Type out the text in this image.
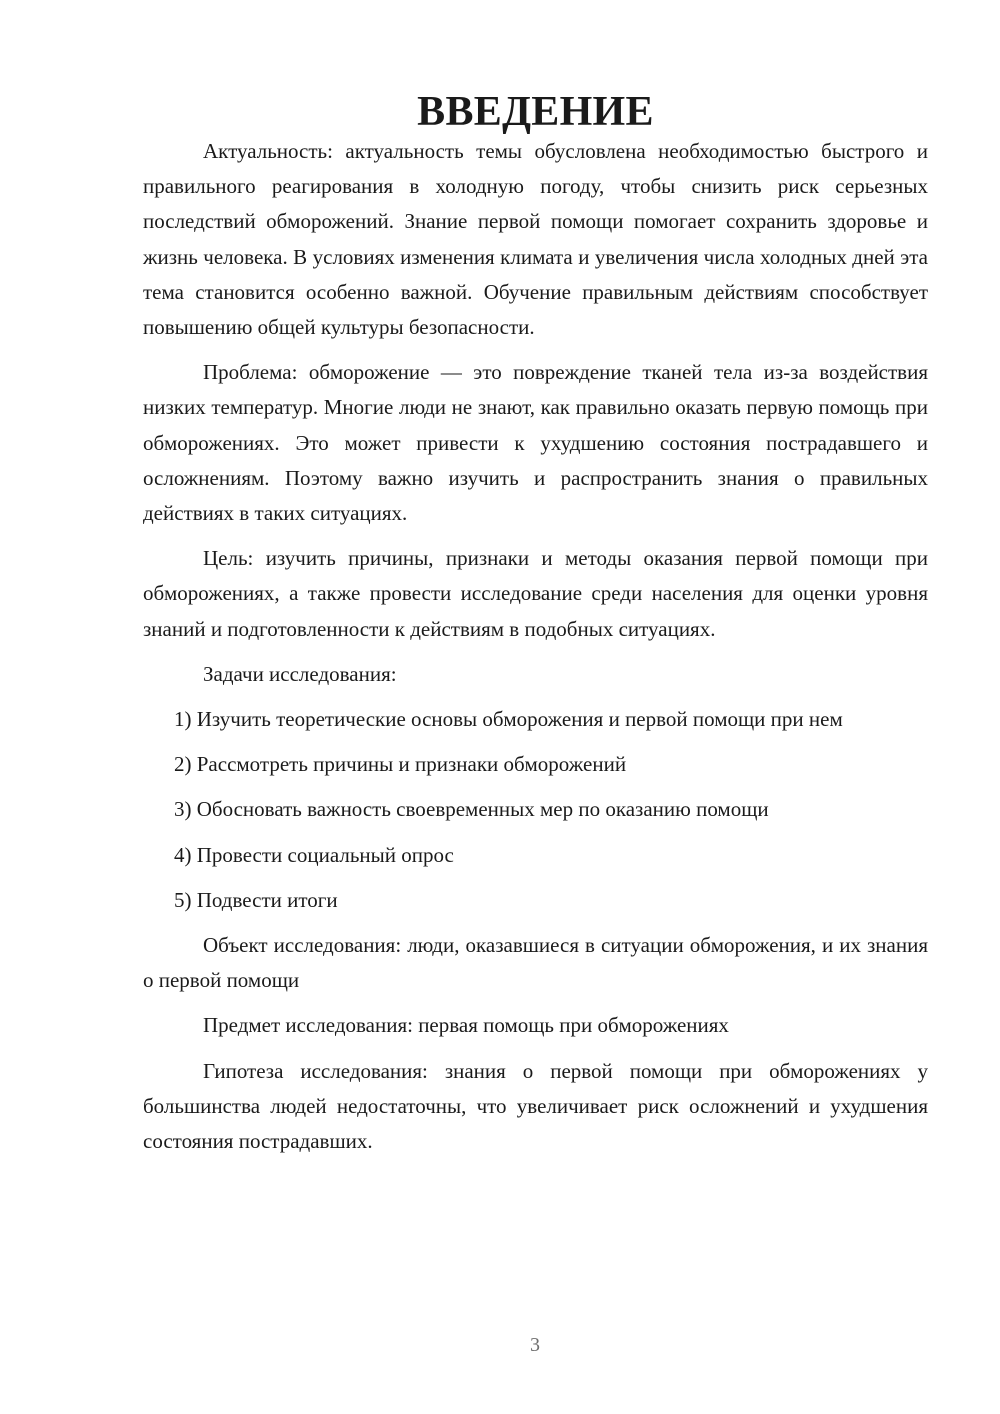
ВВЕДЕНИЕ

Актуальность: актуальность темы обусловлена необходимостью быстрого и правильного реагирования в холодную погоду, чтобы снизить риск серьезных последствий обморожений. Знание первой помощи помогает сохранить здоровье и жизнь человека. В условиях изменения климата и увеличения числа холодных дней эта тема становится особенно важной. Обучение правильным действиям способствует повышению общей культуры безопасности.

Проблема: обморожение — это повреждение тканей тела из-за воздействия низких температур. Многие люди не знают, как правильно оказать первую помощь при обморожениях. Это может привести к ухудшению состояния пострадавшего и осложнениям. Поэтому важно изучить и распространить знания о правильных действиях в таких ситуациях.

Цель: изучить причины, признаки и методы оказания первой помощи при обморожениях, а также провести исследование среди населения для оценки уровня знаний и подготовленности к действиям в подобных ситуациях.

Задачи исследования:

1) Изучить теоретические основы обморожения и первой помощи при нем

2) Рассмотреть причины и признаки обморожений

3) Обосновать важность своевременных мер по оказанию помощи

4) Провести социальный опрос

5) Подвести итоги

Объект исследования: люди, оказавшиеся в ситуации обморожения, и их знания о первой помощи

Предмет исследования: первая помощь при обморожениях

Гипотеза исследования: знания о первой помощи при обморожениях у большинства людей недостаточны, что увеличивает риск осложнений и ухудшения состояния пострадавших.

3
